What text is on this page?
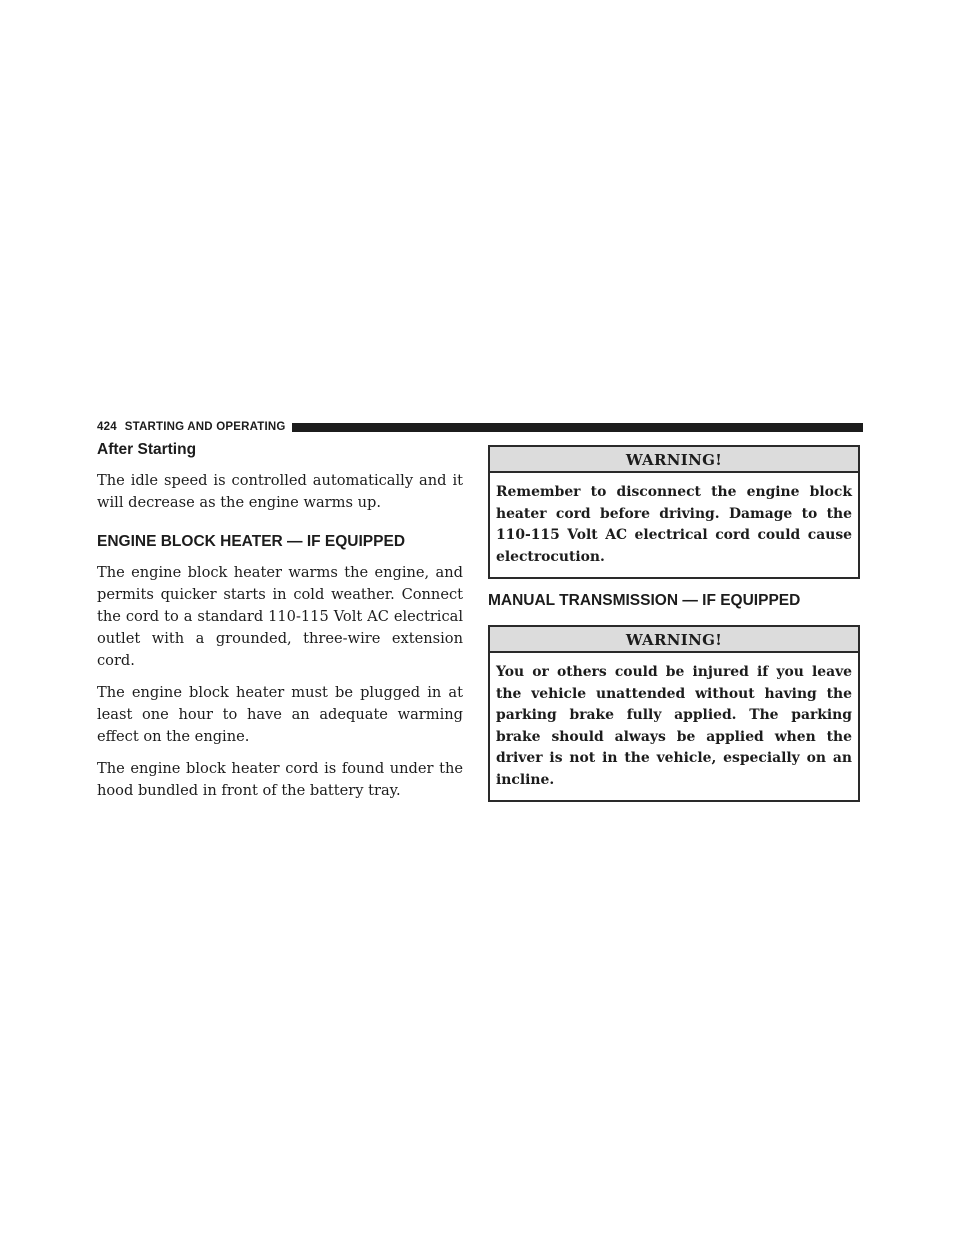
424 STARTING AND OPERATING
After Starting

The idle speed is controlled automatically and it will decrease as the engine warms up.

ENGINE BLOCK HEATER — IF EQUIPPED

The engine block heater warms the engine, and permits quicker starts in cold weather. Connect the cord to a standard 110-115 Volt AC electrical outlet with a grounded, three-wire extension cord.

The engine block heater must be plugged in at least one hour to have an adequate warming effect on the engine.

The engine block heater cord is found under the hood bundled in front of the battery tray.

WARNING!
Remember to disconnect the engine block heater cord before driving. Damage to the 110-115 Volt AC electrical cord could cause electrocution.
MANUAL TRANSMISSION — IF EQUIPPED
WARNING!
You or others could be injured if you leave the vehicle unattended without having the parking brake fully applied. The parking brake should always be applied when the driver is not in the vehicle, especially on an incline.
